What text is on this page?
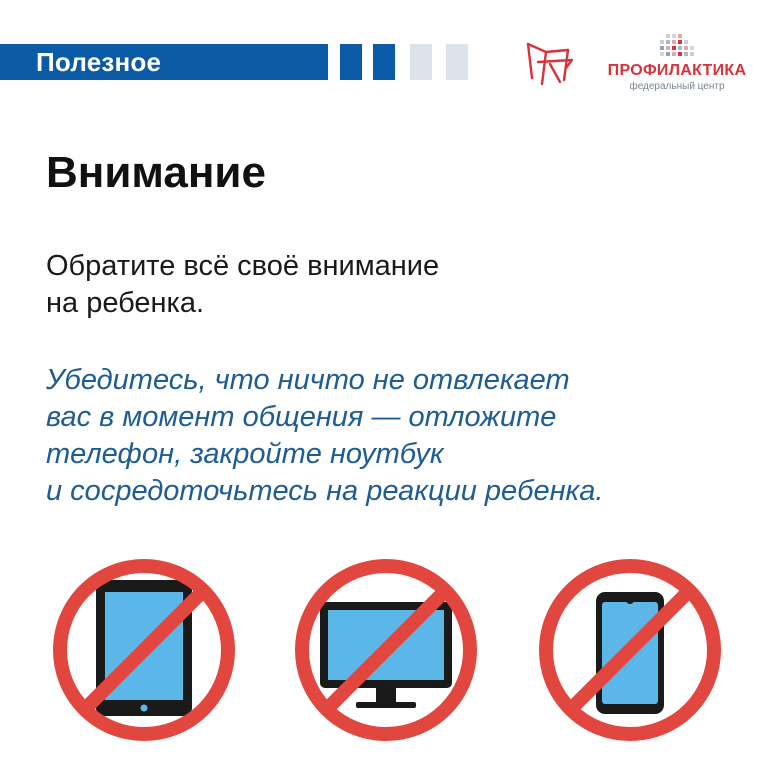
Полезное	ПРОФИЛАКТИКА
федеральный центр
Внимание
Обратите всё своё внимание
на ребенка.
Убедитесь, что ничто не отвлекает
вас в момент общения — отложите
телефон, закройте ноутбук
и сосредоточьтесь на реакции ребенка.
